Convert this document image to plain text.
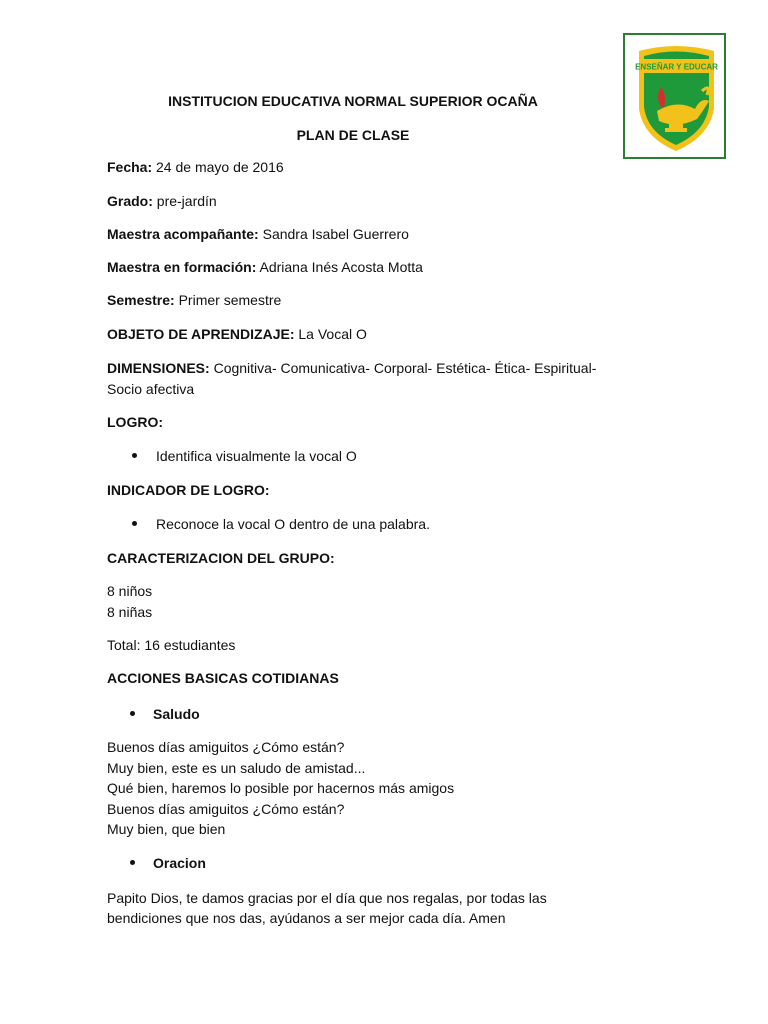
ENSEÑAR Y EDUCAR
INSTITUCION EDUCATIVA NORMAL SUPERIOR OCAÑA
PLAN DE CLASE
Fecha: 24 de mayo de 2016
Grado: pre-jardín
Maestra acompañante: Sandra Isabel Guerrero
Maestra en formación: Adriana Inés Acosta Motta
Semestre: Primer semestre
OBJETO DE APRENDIZAJE: La Vocal O
DIMENSIONES: Cognitiva- Comunicativa- Corporal- Estética- Ética- Espiritual-
Socio afectiva
LOGRO:
Identifica visualmente la vocal O
INDICADOR DE LOGRO:
Reconoce la vocal O dentro de una palabra.
CARACTERIZACION DEL GRUPO:
8 niños
8 niñas
Total: 16 estudiantes
ACCIONES BASICAS COTIDIANAS
Saludo
Buenos días amiguitos ¿Cómo están?
Muy bien, este es un saludo de amistad...
Qué bien, haremos lo posible por hacernos más amigos
Buenos días amiguitos ¿Cómo están?
Muy bien, que bien
Oracion
Papito Dios, te damos gracias por el día que nos regalas, por todas las
bendiciones que nos das, ayúdanos a ser mejor cada día. Amen
